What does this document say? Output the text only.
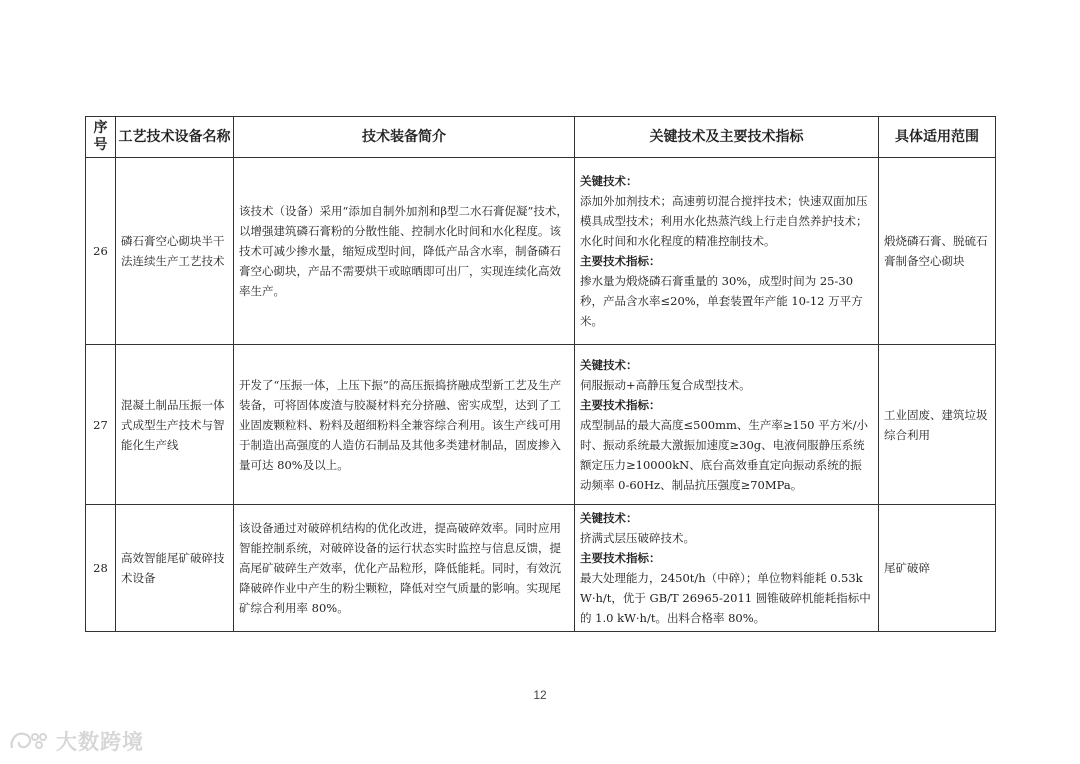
序号	工艺技术设备名称	技术装备简介	关键技术及主要技术指标	具体适用范围
26	磷石膏空心砌块半干法连续生产工艺技术	该技术（设备）采用“添加自制外加剂和β型二水石膏促凝”技术，以增强建筑磷石膏粉的分散性能、控制水化时间和水化程度。该技术可减少掺水量，缩短成型时间，降低产品含水率，制备磷石膏空心砌块，产品不需要烘干或晾晒即可出厂，实现连续化高效率生产。	关键技术：
添加外加剂技术；高速剪切混合搅拌技术；快速双面加压模具成型技术；利用水化热蒸汽线上行走自然养护技术；水化时间和水化程度的精准控制技术。
主要技术指标：
掺水量为煅烧磷石膏重量的 30%，成型时间为 25-30 秒，产品含水率≤20%，单套装置年产能 10-12 万平方米。	煅烧磷石膏、脱硫石膏制备空心砌块
27	混凝土制品压振一体式成型生产技术与智能化生产线	开发了“压振一体，上压下振”的高压振捣挤融成型新工艺及生产装备，可将固体废渣与胶凝材料充分挤融、密实成型，达到了工业固废颗粒料、粉料及超细粉料全兼容综合利用。该生产线可用于制造出高强度的人造仿石制品及其他多类建材制品，固废掺入量可达 80%及以上。	关键技术：
伺服振动+高静压复合成型技术。
主要技术指标：
成型制品的最大高度≤500mm、生产率≥150 平方米/小时、振动系统最大激振加速度≥30g、电液伺服静压系统额定压力≥10000kN、底台高效垂直定向振动系统的振动频率 0-60Hz、制品抗压强度≥70MPa。	工业固废、建筑垃圾综合利用
28	高效智能尾矿破碎技术设备	该设备通过对破碎机结构的优化改进，提高破碎效率。同时应用智能控制系统，对破碎设备的运行状态实时监控与信息反馈，提高尾矿破碎生产效率，优化产品粒形，降低能耗。同时，有效沉降破碎作业中产生的粉尘颗粒，降低对空气质量的影响。实现尾矿综合利用率 80%。	关键技术：
挤满式层压破碎技术。
主要技术指标：
最大处理能力，2450t/h（中碎）；单位物料能耗 0.53kW·h/t，优于 GB/T 26965-2011 圆锥破碎机能耗指标中的 1.0 kW·h/t。出料合格率 80%。	尾矿破碎
12
大数跨境
